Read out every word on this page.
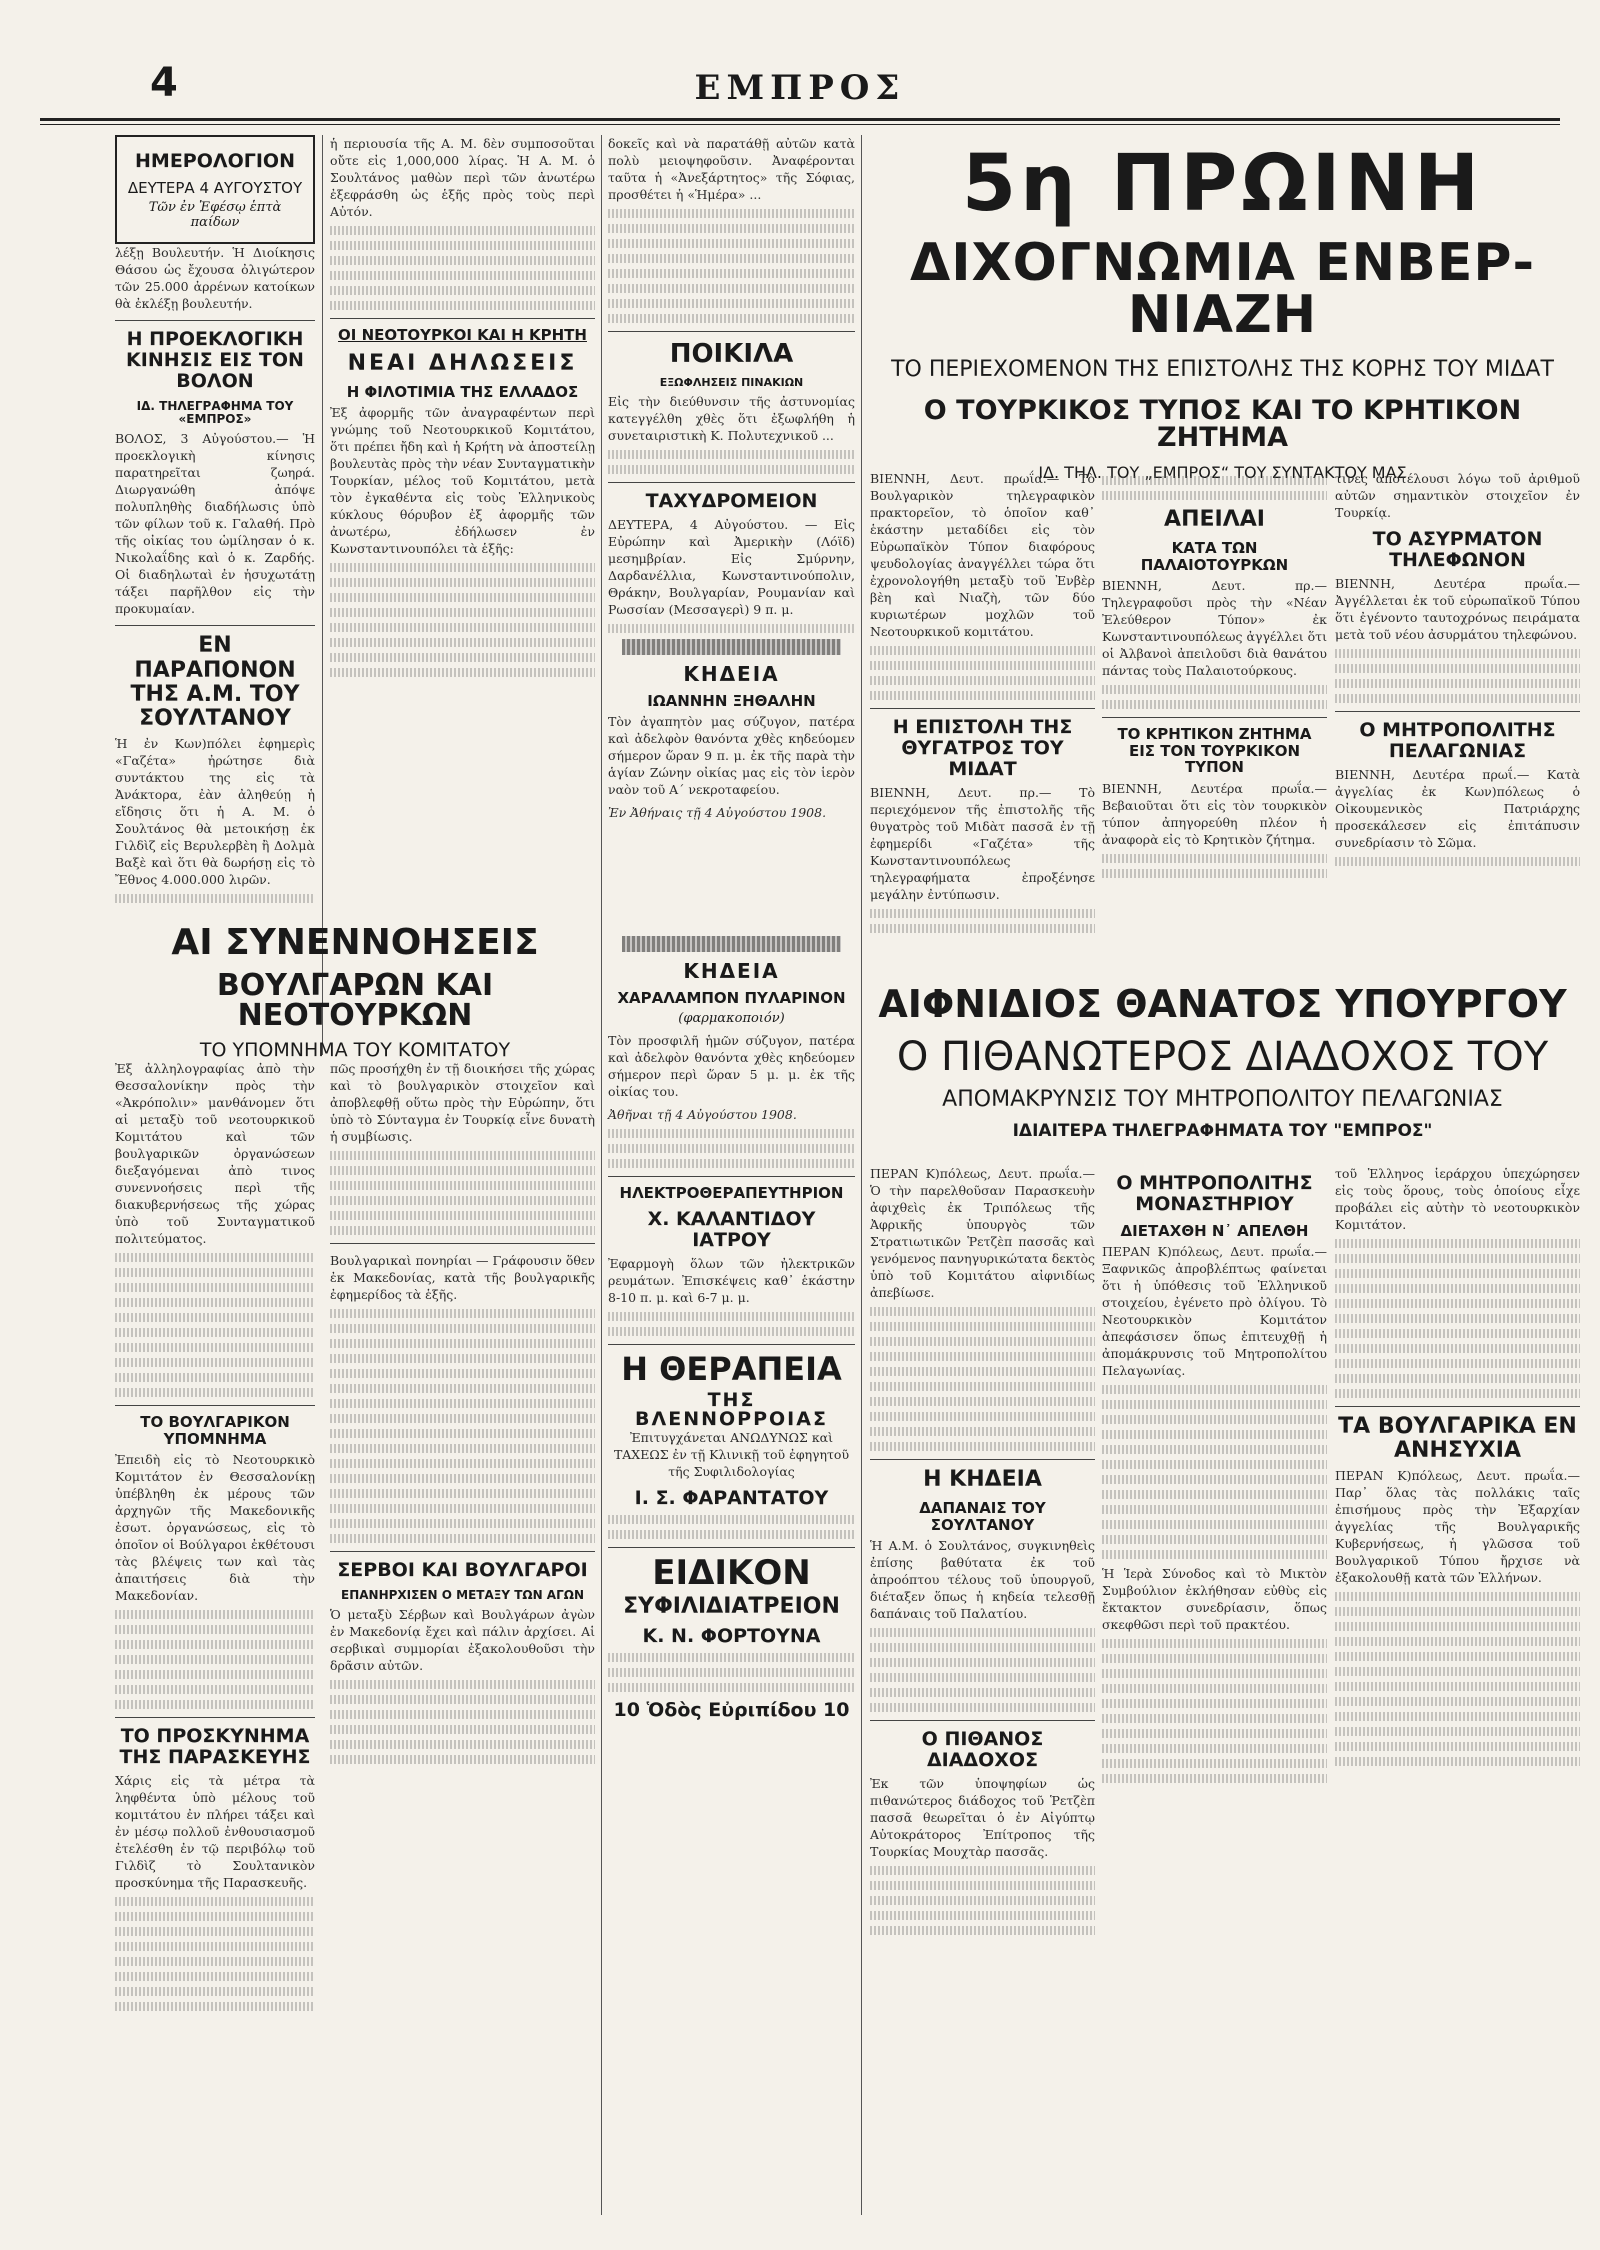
4	ΕΜΠΡΟΣ
ΗΜΕΡΟΛΟΓΙΟΝ
ΔΕΥΤΕΡΑ 4 ΑΥΓΟΥΣΤΟΥ
Τῶν ἐν Ἐφέσῳ ἑπτὰ παίδων

λέξῃ Βουλευτήν. Ἡ Διοίκησις Θάσου ὡς ἔχουσα ὀλιγώτερον τῶν 25.000 ἀρρένων κατοίκων θὰ ἐκλέξῃ βουλευτήν.

Η ΠΡΟΕΚΛΟΓΙΚΗ ΚΙΝΗΣΙΣ ΕΙΣ ΤΟΝ ΒΟΛΟΝ
ΙΔ. ΤΗΛΕΓΡΑΦΗΜΑ ΤΟΥ «ΕΜΠΡΟΣ»

ΒΟΛΟΣ, 3 Αὐγούστου.— Ἡ προεκλογικὴ κίνησις παρατηρεῖται ζωηρά. Διωργανώθη ἀπόψε πολυπληθὴς διαδήλωσις ὑπὸ τῶν φίλων τοῦ κ. Γαλαθή. Πρὸ τῆς οἰκίας του ὡμίλησαν ὁ κ. Νικολαΐδης καὶ ὁ κ. Ζαρδής. Οἱ διαδηλωταὶ ἐν ἡσυχωτάτῃ τάξει παρῆλθον εἰς τὴν προκυμαίαν.

ΕΝ ΠΑΡΑΠΟΝΟΝ ΤΗΣ Α.Μ. ΤΟΥ ΣΟΥΛΤΑΝΟΥ

Ἡ ἐν Κων)πόλει ἐφημερὶς «Γαζέτα» ἠρώτησε διὰ συντάκτου της εἰς τὰ Ἀνάκτορα, ἐὰν ἀληθεύῃ ἡ εἴδησις ὅτι ἡ Α. Μ. ὁ Σουλτάνος θὰ μετοικήσῃ ἐκ Γιλδὶζ εἰς Βερυλερβὲη ἢ Δολμὰ Βαξὲ καὶ ὅτι θὰ δωρήσῃ εἰς τὸ Ἔθνος 4.000.000 λιρῶν.

ἡ περιουσία τῆς Α. Μ. δὲν συμποσοῦται οὔτε εἰς 1,000,000 λίρας. Ἡ Α. Μ. ὁ Σουλτάνος μαθὼν περὶ τῶν ἀνωτέρω ἐξεφράσθη ὡς ἑξῆς πρὸς τοὺς περὶ Αὐτόν.

ΟΙ ΝΕΟΤΟΥΡΚΟΙ ΚΑΙ Η ΚΡΗΤΗ
ΝΕΑΙ ΔΗΛΩΣΕΙΣ
Η ΦΙΛΟΤΙΜΙΑ ΤΗΣ ΕΛΛΑΔΟΣ

Ἐξ ἀφορμῆς τῶν ἀναγραφέντων περὶ γνώμης τοῦ Νεοτουρκικοῦ Κομιτάτου, ὅτι πρέπει ἤδη καὶ ἡ Κρήτη νὰ ἀποστείλῃ βουλευτὰς πρὸς τὴν νέαν Συνταγματικὴν Τουρκίαν, μέλος τοῦ Κομιτάτου, μετὰ τὸν ἐγκαθέντα εἰς τοὺς Ἑλληνικοὺς κύκλους θόρυβον ἐξ ἀφορμῆς τῶν ἀνωτέρω, ἐδήλωσεν ἐν Κωνσταντινουπόλει τὰ ἑξῆς:

δοκεῖς καὶ νὰ παρατάθῇ αὐτῶν κατὰ πολὺ μειοψηφοῦσιν. Ἀναφέρονται ταῦτα ἡ «Ἀνεξάρτητος» τῆς Σόφιας, προσθέτει ἡ «Ἡμέρα» ...

ΠΟΙΚΙΛΑ
ΕΞΩΦΛΗΣΕΙΣ ΠΙΝΑΚΙΩΝ

Εἰς τὴν διεύθυνσιν τῆς ἀστυνομίας κατεγγέλθη χθὲς ὅτι ἐξωφλήθη ἡ συνεταιριστικὴ Κ. Πολυτεχνικοῦ ...

ΤΑΧΥΔΡΟΜΕΙΟΝ

ΔΕΥΤΕΡΑ, 4 Αὐγούστου. — Εἰς Εὐρώπην καὶ Ἀμερικὴν (Λόϊδ) μεσημβρίαν. Εἰς Σμύρνην, Δαρδανέλλια, Κωνσταντινούπολιν, Θράκην, Βουλγαρίαν, Ρουμανίαν καὶ Ρωσσίαν (Μεσσαγερὶ) 9 π. μ.

ΚΗΔΕΙΑ
ΙΩΑΝΝΗΝ ΞΗΘΑΛΗΝ

Τὸν ἀγαπητὸν μας σύζυγον, πατέρα καὶ ἀδελφὸν θανόντα χθὲς κηδεύομεν σήμερον ὥραν 9 π. μ. ἐκ τῆς παρὰ τὴν ἁγίαν Ζώνην οἰκίας μας εἰς τὸν ἱερὸν ναὸν τοῦ Α΄ νεκροταφείου.

Ἐν Ἀθήναις τῇ 4 Αὐγούστου 1908.

5η ΠΡΩΙΝΗ
ΔΙΧΟΓΝΩΜΙΑ ΕΝΒΕΡ-ΝΙΑΖΗ
ΤΟ ΠΕΡΙΕΧΟΜΕΝΟΝ ΤΗΣ ΕΠΙΣΤΟΛΗΣ ΤΗΣ ΚΟΡΗΣ ΤΟΥ ΜΙΔΑΤ
Ο ΤΟΥΡΚΙΚΟΣ ΤΥΠΟΣ ΚΑΙ ΤΟ ΚΡΗΤΙΚΟΝ ΖΗΤΗΜΑ
ΙΔ. ΤΗΛ. ΤΟΥ „ΕΜΠΡΟΣ“ ΤΟΥ ΣΥΝΤΑΚΤΟΥ ΜΑΣ

ΒΙΕΝΝΗ, Δευτ. πρωΐα.— Τὸ Βουλγαρικὸν τηλεγραφικὸν πρακτορεῖον, τὸ ὁποῖον καθ᾽ ἑκάστην μεταδίδει εἰς τὸν Εὐρωπαϊκὸν Τύπον διαφόρους ψευδολογίας ἀναγγέλλει τώρα ὅτι ἐχρονολογήθη μεταξὺ τοῦ Ἐνβὲρ βὲη καὶ Νιαζὴ, τῶν δύο κυριωτέρων μοχλῶν τοῦ Νεοτουρκικοῦ κομιτάτου.

Η ΕΠΙΣΤΟΛΗ ΤΗΣ ΘΥΓΑΤΡΟΣ ΤΟΥ ΜΙΔΑΤ

ΒΙΕΝΝΗ, Δευτ. πρ.— Τὸ περιεχόμενον τῆς ἐπιστολῆς τῆς θυγατρὸς τοῦ Μιδὰτ πασσᾶ ἐν τῇ ἐφημερίδι «Γαζέτα» τῆς Κωνσταντινουπόλεως τηλεγραφήματα ἐπροξένησε μεγάλην ἐντύπωσιν.

ΑΠΕΙΛΑΙ
ΚΑΤΑ ΤΩΝ ΠΑΛΑΙΟΤΟΥΡΚΩΝ

ΒΙΕΝΝΗ, Δευτ. πρ.— Τηλεγραφοῦσι πρὸς τὴν «Νέαν Ἐλεύθερον Τύπον» ἐκ Κωνσταντινουπόλεως ἀγγέλλει ὅτι οἱ Ἀλβανοὶ ἀπειλοῦσι διὰ θανάτου πάντας τοὺς Παλαιοτούρκους.

ΤΟ ΚΡΗΤΙΚΟΝ ΖΗΤΗΜΑ ΕΙΣ ΤΟΝ ΤΟΥΡΚΙΚΟΝ ΤΥΠΟΝ

ΒΙΕΝΝΗ, Δευτέρα πρωΐα.— Βεβαιοῦται ὅτι εἰς τὸν τουρκικὸν τύπον ἀπηγορεύθη πλέον ἡ ἀναφορὰ εἰς τὸ Κρητικὸν ζήτημα.

τινες ἀποτέλουσι λόγω τοῦ ἀριθμοῦ αὐτῶν σημαντικὸν στοιχεῖον ἐν Τουρκίᾳ.

ΤΟ ΑΣΥΡΜΑΤΟΝ ΤΗΛΕΦΩΝΟΝ

ΒΙΕΝΝΗ, Δευτέρα πρωΐα.— Ἀγγέλλεται ἐκ τοῦ εὐρωπαϊκοῦ Τύπου ὅτι ἐγένοντο ταυτοχρόνως πειράματα μετὰ τοῦ νέου ἀσυρμάτου τηλεφώνου.

Ο ΜΗΤΡΟΠΟΛΙΤΗΣ ΠΕΛΑΓΩΝΙΑΣ

ΒΙΕΝΝΗ, Δευτέρα πρωΐ.— Κατὰ ἀγγελίας ἐκ Κων)πόλεως ὁ Οἰκουμενικὸς Πατριάρχης προσεκάλεσεν εἰς ἐπιτάπυσιν συνεδρίασιν τὸ Σῶμα.

ΑΙ ΣΥΝΕΝΝΟΗΣΕΙΣ
ΒΟΥΛΓΑΡΩΝ ΚΑΙ ΝΕΟΤΟΥΡΚΩΝ
ΤΟ ΥΠΟΜΝΗΜΑ ΤΟΥ ΚΟΜΙΤΑΤΟΥ

Ἐξ ἀλληλογραφίας ἀπὸ τὴν Θεσσαλονίκην πρὸς τὴν «Ἀκρόπολιν» μανθάνομεν ὅτι αἱ μεταξὺ τοῦ νεοτουρκικοῦ Κομιτάτου καὶ τῶν βουλγαρικῶν ὀργανώσεων διεξαγόμεναι ἀπὸ τινος συνεννοήσεις περὶ τῆς διακυβερνήσεως τῆς χώρας ὑπὸ τοῦ Συνταγματικοῦ πολιτεύματος.

ΤΟ ΒΟΥΛΓΑΡΙΚΟΝ ΥΠΟΜΝΗΜΑ

Ἐπειδὴ εἰς τὸ Νεοτουρκικὸ Κομιτάτον ἐν Θεσσαλονίκῃ ὑπέβληθη ἐκ μέρους τῶν ἀρχηγῶν τῆς Μακεδονικῆς ἐσωτ. ὀργανώσεως, εἰς τὸ ὁποῖον οἱ Βούλγαροι ἐκθέτουσι τὰς βλέψεις των καὶ τὰς ἀπαιτήσεις διὰ τὴν Μακεδονίαν.

ΤΟ ΠΡΟΣΚΥΝΗΜΑ ΤΗΣ ΠΑΡΑΣΚΕΥΗΣ

Χάρις εἰς τὰ μέτρα τὰ ληφθέντα ὑπὸ μέλους τοῦ κομιτάτου ἐν πλήρει τάξει καὶ ἐν μέσῳ πολλοῦ ἐνθουσιασμοῦ ἐτελέσθη ἐν τῷ περιβόλῳ τοῦ Γιλδὶζ τὸ Σουλτανικὸν προσκύνημα τῆς Παρασκευῆς.

πῶς προσήχθη ἐν τῇ διοικήσει τῆς χώρας καὶ τὸ βουλγαρικὸν στοιχεῖον καὶ ἀποβλεφθῇ οὕτω πρὸς τὴν Εὐρώπην, ὅτι ὑπὸ τὸ Σύνταγμα ἐν Τουρκίᾳ εἶνε δυνατὴ ἡ συμβίωσις.

Βουλγαρικαὶ πονηρίαι — Γράφουσιν ὅθεν ἐκ Μακεδονίας, κατὰ τῆς βουλγαρικῆς ἐφημερίδος τὰ ἑξῆς.

ΣΕΡΒΟΙ ΚΑΙ ΒΟΥΛΓΑΡΟΙ
ΕΠΑΝΗΡΧΙΣΕΝ Ο ΜΕΤΑΞΥ ΤΩΝ ΑΓΩΝ

Ὁ μεταξὺ Σέρβων καὶ Βουλγάρων ἀγὼν ἐν Μακεδονίᾳ ἔχει καὶ πάλιν ἀρχίσει. Αἱ σερβικαὶ συμμορίαι ἐξακολουθοῦσι τὴν δρᾶσιν αὐτῶν.

ΚΗΔΕΙΑ
ΧΑΡΑΛΑΜΠΟΝ ΠΥΛΑΡΙΝΟΝ
(φαρμακοποιόν)

Τὸν προσφιλῆ ἡμῶν σύζυγον, πατέρα καὶ ἀδελφὸν θανόντα χθὲς κηδεύομεν σήμερον περὶ ὥραν 5 μ. μ. ἐκ τῆς οἰκίας του.

Ἀθῆναι τῇ 4 Αὐγούστου 1908.

ΗΛΕΚΤΡΟΘΕΡΑΠΕΥΤΗΡΙΟΝ
Χ. ΚΑΛΑΝΤΙΔΟΥ ΙΑΤΡΟΥ

Ἐφαρμογὴ ὅλων τῶν ἠλεκτρικῶν ρευμάτων. Ἐπισκέψεις καθ᾽ ἑκάστην 8-10 π. μ. καὶ 6-7 μ. μ.

Η ΘΕΡΑΠΕΙΑ
ΤΗΣ ΒΛΕΝΝΟΡΡΟΙΑΣ

Ἐπιτυγχάνεται ΑΝΩΔΥΝΩΣ καὶ ΤΑΧΕΩΣ ἐν τῇ Κλινικῇ τοῦ ἐφηγητοῦ τῆς Συφιλιδολογίας

Ι. Σ. ΦΑΡΑΝΤΑΤΟΥ
ΕΙΔΙΚΟΝ
ΣΥΦΙΛΙΔΙΑΤΡΕΙΟΝ
Κ. Ν. ΦΟΡΤΟΥΝΑ
10 Ὁδὸς Εὐριπίδου 10
ΑΙΦΝΙΔΙΟΣ ΘΑΝΑΤΟΣ ΥΠΟΥΡΓΟΥ
Ο ΠΙΘΑΝΩΤΕΡΟΣ ΔΙΑΔΟΧΟΣ ΤΟΥ
ΑΠΟΜΑΚΡΥΝΣΙΣ ΤΟΥ ΜΗΤΡΟΠΟΛΙΤΟΥ ΠΕΛΑΓΩΝΙΑΣ
ΙΔΙΑΙΤΕΡΑ ΤΗΛΕΓΡΑΦΗΜΑΤΑ ΤΟΥ "ΕΜΠΡΟΣ"

ΠΕΡΑΝ Κ)πόλεως, Δευτ. πρωΐα.— Ὁ τὴν παρελθοῦσαν Παρασκευὴν ἀφιχθεὶς ἐκ Τριπόλεως τῆς Ἀφρικῆς ὑπουργὸς τῶν Στρατιωτικῶν Ῥετζὲπ πασσᾶς καὶ γενόμενος πανηγυρικώτατα δεκτὸς ὑπὸ τοῦ Κομιτάτου αἰφνιδίως ἀπεβίωσε.

Η ΚΗΔΕΙΑ
ΔΑΠΑΝΑΙΣ ΤΟΥ ΣΟΥΛΤΑΝΟΥ

Ἡ Α.Μ. ὁ Σουλτάνος, συγκινηθεὶς ἐπίσης βαθύτατα ἐκ τοῦ ἀπροόπτου τέλους τοῦ ὑπουργοῦ, διέταξεν ὅπως ἡ κηδεία τελεσθῇ δαπάναις τοῦ Παλατίου.

Ο ΠΙΘΑΝΟΣ ΔΙΑΔΟΧΟΣ

Ἐκ τῶν ὑποψηφίων ὡς πιθανώτερος διάδοχος τοῦ Ῥετζὲπ πασσᾶ θεωρεῖται ὁ ἐν Αἰγύπτῳ Αὐτοκράτορος Ἐπίτροπος τῆς Τουρκίας Μουχτὰρ πασσᾶς.

Ο ΜΗΤΡΟΠΟΛΙΤΗΣ ΜΟΝΑΣΤΗΡΙΟΥ
ΔΙΕΤΑΧΘΗ Ν᾽ ΑΠΕΛΘΗ

ΠΕΡΑΝ Κ)πόλεως, Δευτ. πρωΐα.— Ξαφνικῶς ἀπροβλέπτως φαίνεται ὅτι ἡ ὑπόθεσις τοῦ Ἑλληνικοῦ στοιχείου, ἐγένετο πρὸ ὀλίγου. Τὸ Νεοτουρκικὸν Κομιτάτον ἀπεφάσισεν ὅπως ἐπιτευχθῇ ἡ ἀπομάκρυνσις τοῦ Μητροπολίτου Πελαγωνίας.

Ἡ Ἱερὰ Σύνοδος καὶ τὸ Μικτὸν Συμβούλιον ἐκλήθησαν εὐθὺς εἰς ἔκτακτον συνεδρίασιν, ὅπως σκεφθῶσι περὶ τοῦ πρακτέου.

τοῦ Ἑλληνος ἱεράρχου ὑπεχώρησεν εἰς τοὺς ὅρους, τοὺς ὁποίους εἶχε προβάλει εἰς αὐτὴν τὸ νεοτουρκικὸν Κομιτάτον.

ΤΑ ΒΟΥΛΓΑΡΙΚΑ ΕΝ ΑΝΗΣΥΧΙΑ

ΠΕΡΑΝ Κ)πόλεως, Δευτ. πρωΐα.— Παρ᾽ ὅλας τὰς πολλάκις ταῖς ἐπισήμους πρὸς τὴν Ἐξαρχίαν ἀγγελίας τῆς Βουλγαρικῆς Κυβερνήσεως, ἡ γλῶσσα τοῦ Βουλγαρικοῦ Τύπου ἤρχισε νὰ ἐξακολουθῇ κατὰ τῶν Ἑλλήνων.
